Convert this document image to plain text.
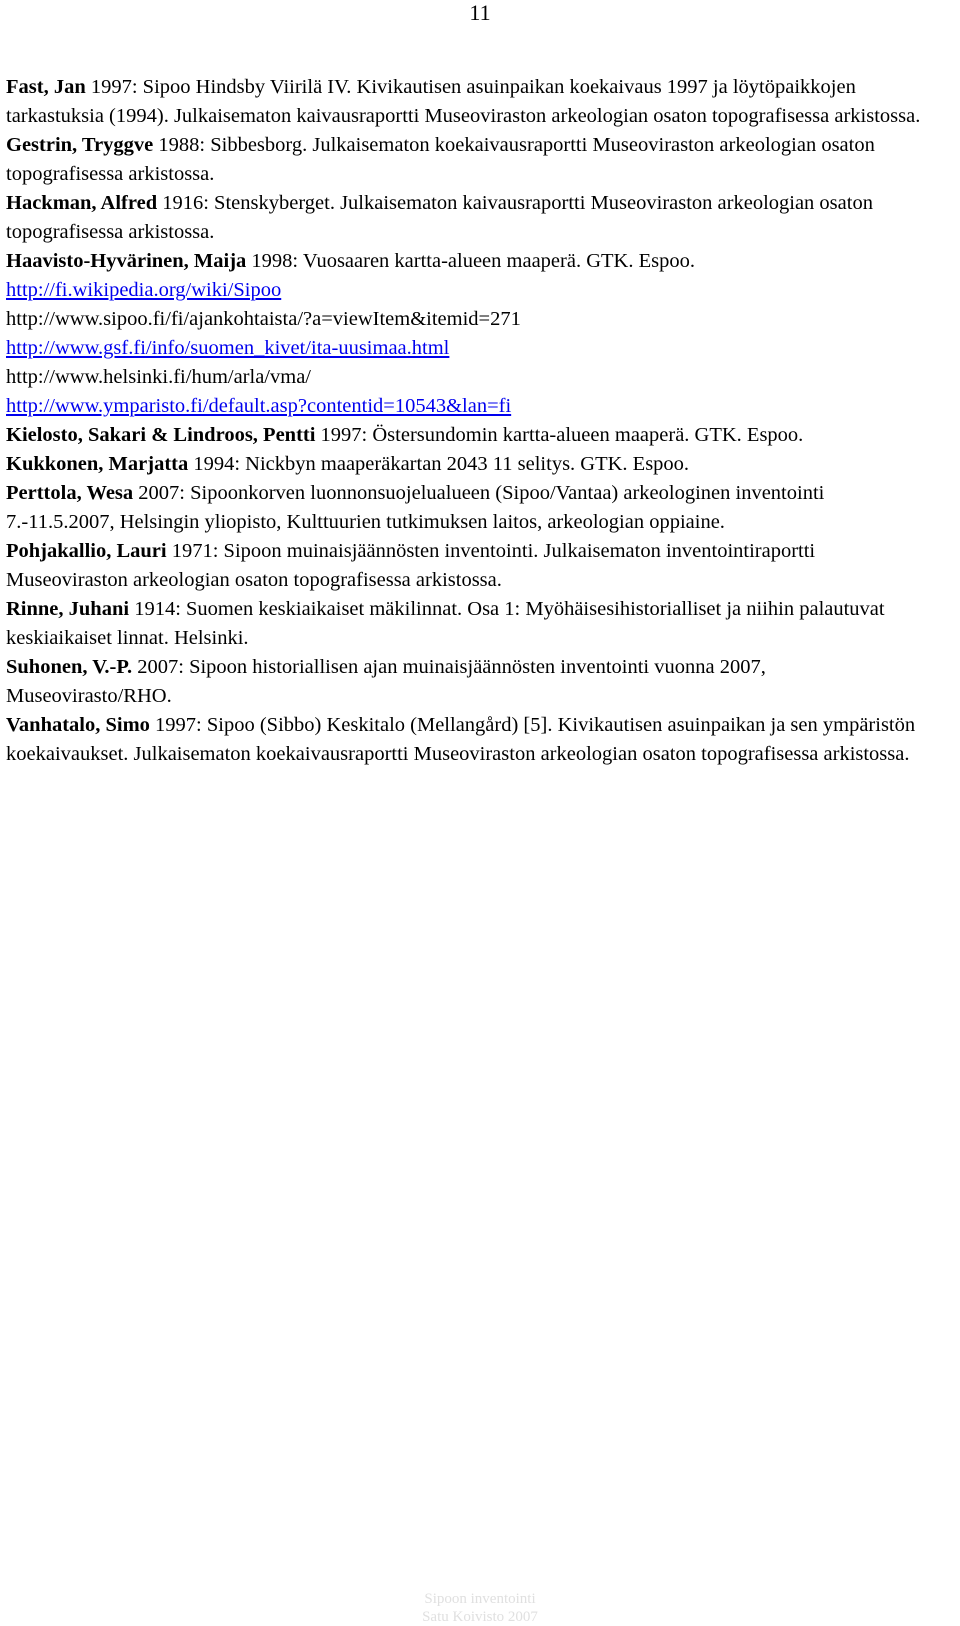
11

Fast, Jan 1997: Sipoo Hindsby Viirilä IV. Kivikautisen asuinpaikan koekaivaus 1997 ja löytöpaikkojen tarkastuksia (1994). Julkaisematon kaivausraportti Museoviraston arkeologian osaton topografisessa arkistossa.

Gestrin, Tryggve 1988: Sibbesborg. Julkaisematon koekaivausraportti Museoviraston arkeologian osaton topografisessa arkistossa.

Hackman, Alfred 1916: Stenskyberget. Julkaisematon kaivausraportti Museoviraston arkeologian osaton topografisessa arkistossa.

Haavisto-Hyvärinen, Maija 1998: Vuosaaren kartta-alueen maaperä. GTK. Espoo.

http://fi.wikipedia.org/wiki/Sipoo

http://www.sipoo.fi/fi/ajankohtaista/?a=viewItem&itemid=271

http://www.gsf.fi/info/suomen_kivet/ita-uusimaa.html

http://www.helsinki.fi/hum/arla/vma/

http://www.ymparisto.fi/default.asp?contentid=10543&lan=fi

Kielosto, Sakari & Lindroos, Pentti 1997: Östersundomin kartta-alueen maaperä. GTK. Espoo.

Kukkonen, Marjatta 1994: Nickbyn maaperäkartan 2043 11 selitys. GTK. Espoo.

Perttola, Wesa 2007: Sipoonkorven luonnonsuojelualueen (Sipoo/Vantaa) arkeologinen inventointi 7.-11.5.2007, Helsingin yliopisto, Kulttuurien tutkimuksen laitos, arkeologian oppiaine.

Pohjakallio, Lauri 1971: Sipoon muinaisjäännösten inventointi. Julkaisematon inventointiraportti Museoviraston arkeologian osaton topografisessa arkistossa.

Rinne, Juhani 1914: Suomen keskiaikaiset mäkilinnat. Osa 1: Myöhäisesihistorialliset ja niihin palautuvat keskiaikaiset linnat. Helsinki.

Suhonen, V.-P. 2007: Sipoon historiallisen ajan muinaisjäännösten inventointi vuonna 2007, Museovirasto/RHO.

Vanhatalo, Simo 1997: Sipoo (Sibbo) Keskitalo (Mellangård) [5]. Kivikautisen asuinpaikan ja sen ympäristön koekaivaukset. Julkaisematon koekaivausraportti Museoviraston arkeologian osaton topografisessa arkistossa.

Sipoon inventointi
Satu Koivisto 2007
